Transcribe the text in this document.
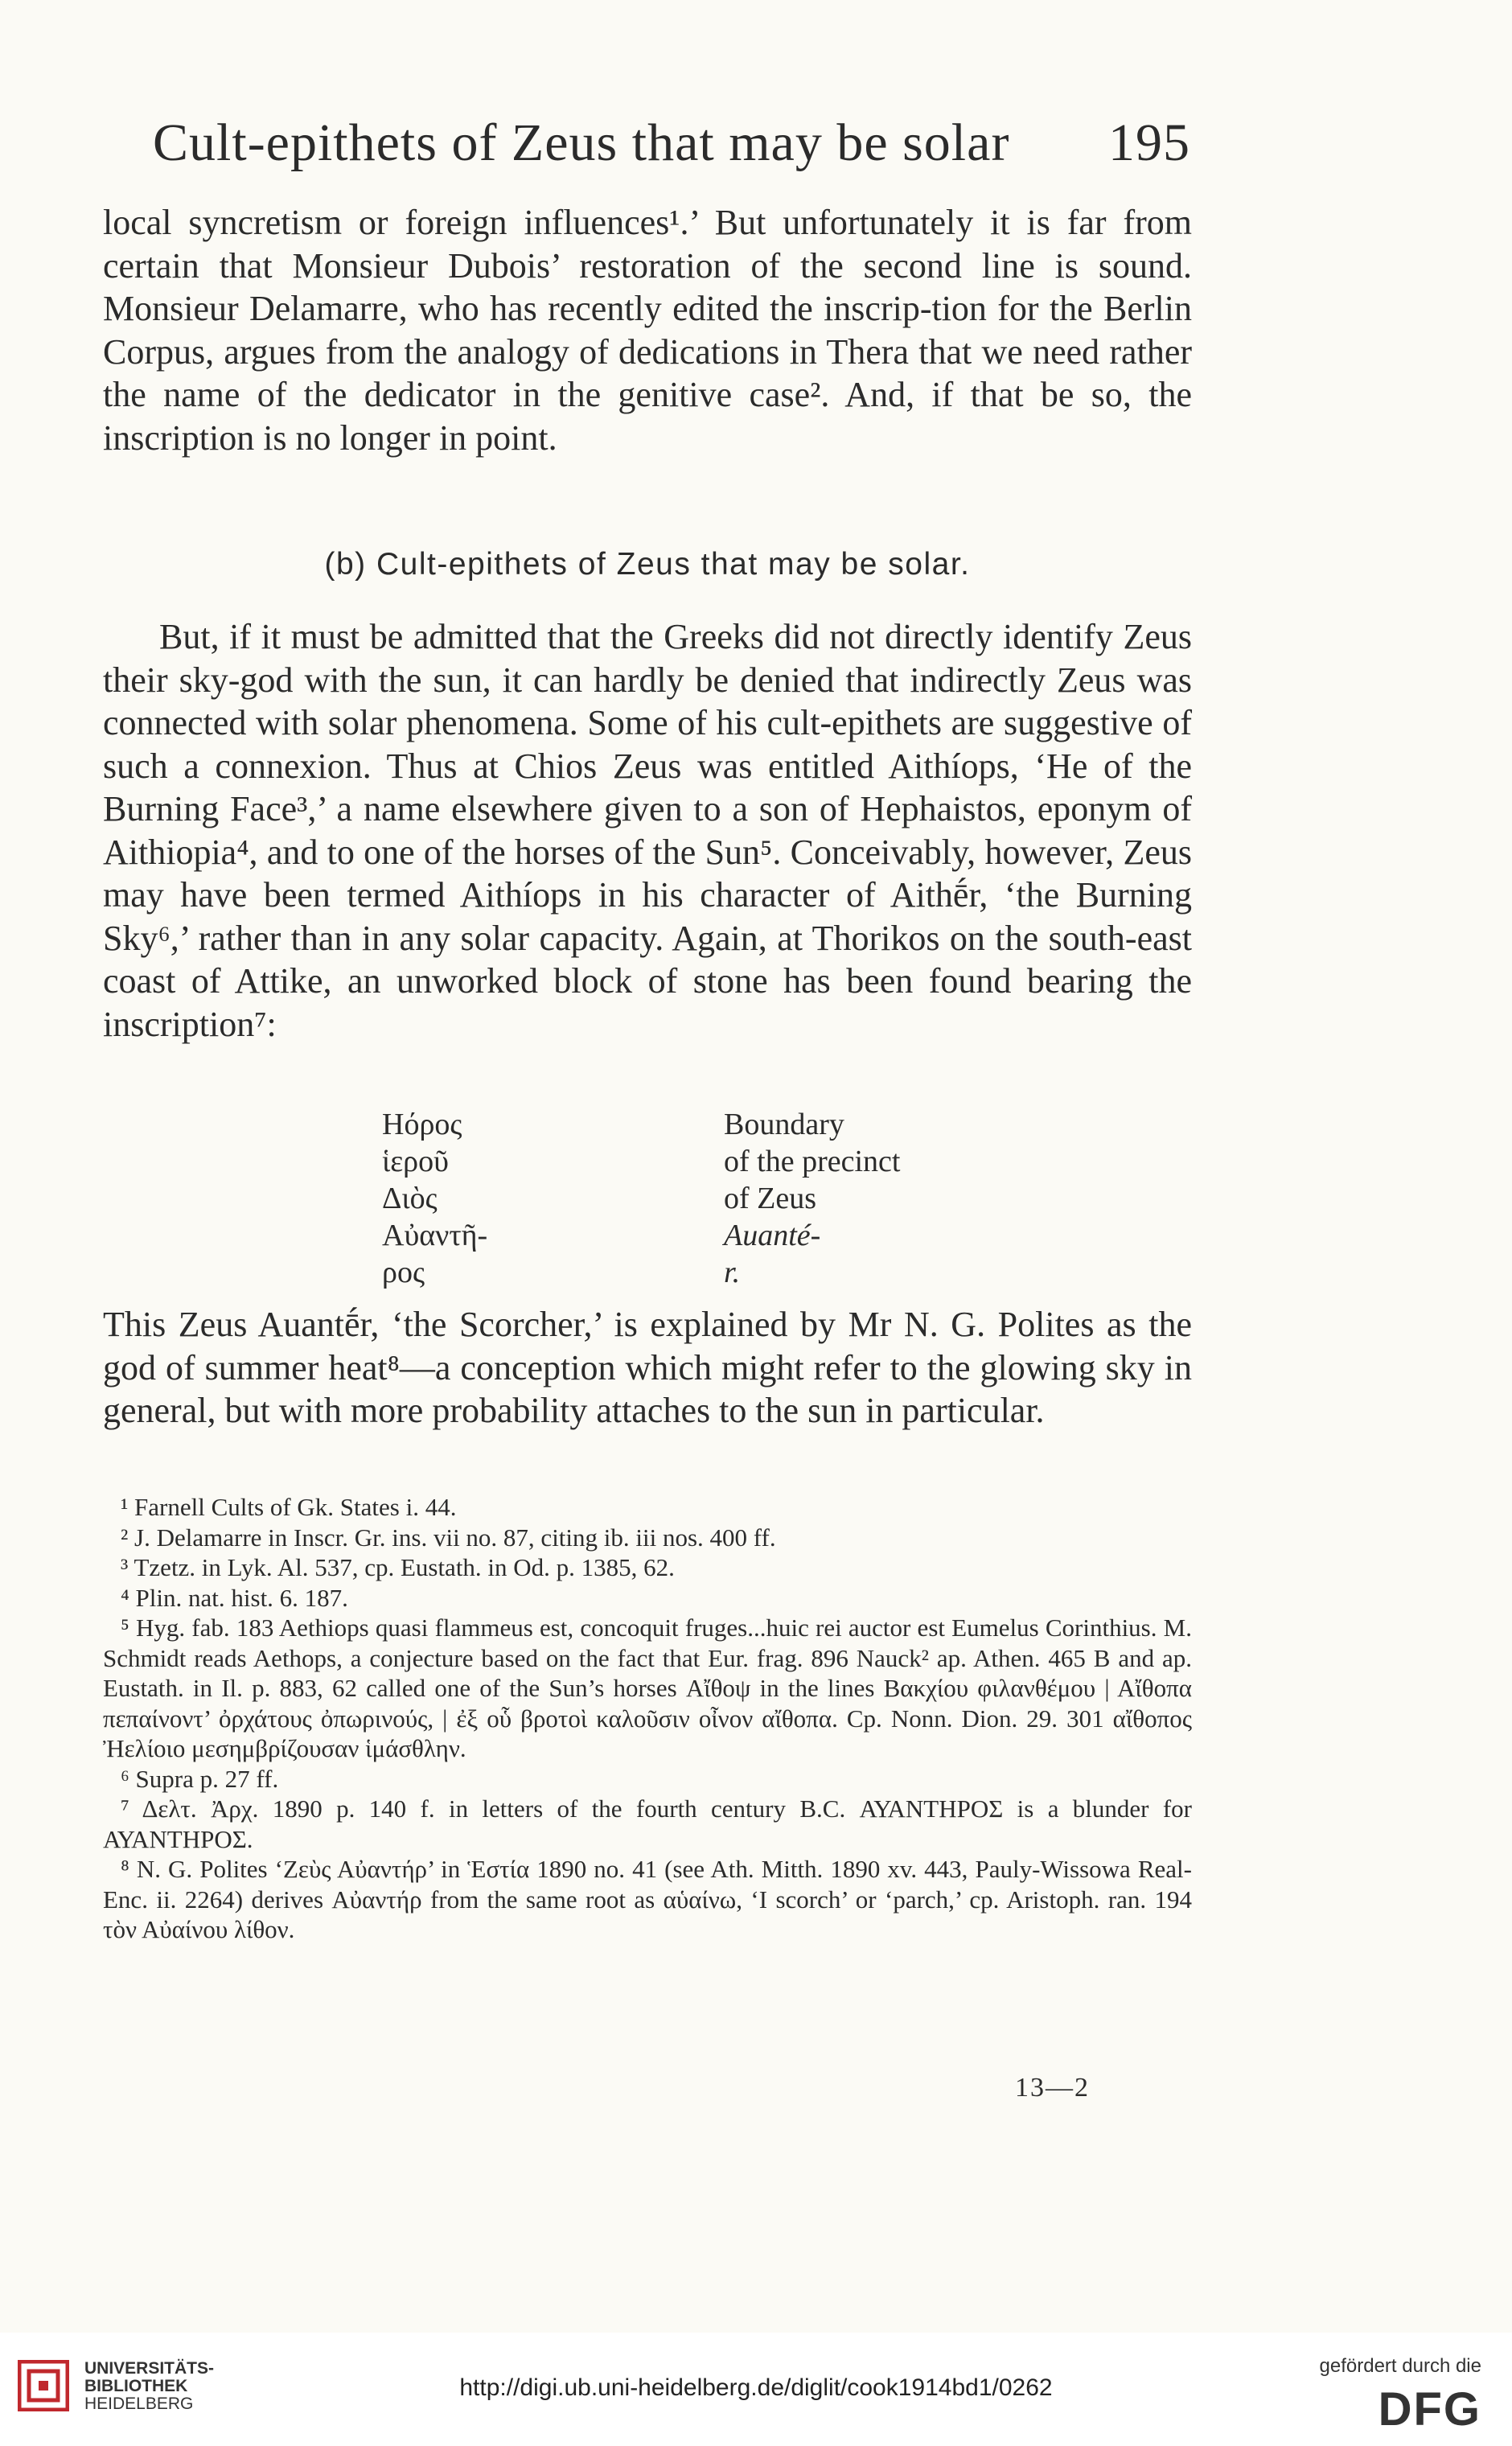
Cult-epithets of Zeus that may be solar 195

local syncretism or foreign influences¹.’ But unfortunately it is far from certain that Monsieur Dubois’ restoration of the second line is sound. Monsieur Delamarre, who has recently edited the inscrip-tion for the Berlin Corpus, argues from the analogy of dedications in Thera that we need rather the name of the dedicator in the genitive case². And, if that be so, the inscription is no longer in point.

(b) Cult-epithets of Zeus that may be solar.

But, if it must be admitted that the Greeks did not directly identify Zeus their sky-god with the sun, it can hardly be denied that indirectly Zeus was connected with solar phenomena. Some of his cult-epithets are suggestive of such a connexion. Thus at Chios Zeus was entitled Aithíops, ‘He of the Burning Face³,’ a name elsewhere given to a son of Hephaistos, eponym of Aithiopia⁴, and to one of the horses of the Sun⁵. Conceivably, however, Zeus may have been termed Aithíops in his character of Aithḗr, ‘the Burning Sky⁶,’ rather than in any solar capacity. Again, at Thorikos on the south-east coast of Attike, an unworked block of stone has been found bearing the inscription⁷:

Hόρος
ἱεροῦ
Διὸς
Αὐαντῆ-
ρος
Boundary
of the precinct
of Zeus
Auanté-
r.

This Zeus Auantḗr, ‘the Scorcher,’ is explained by Mr N. G. Polites as the god of summer heat⁸—a conception which might refer to the glowing sky in general, but with more probability attaches to the sun in particular.

¹ Farnell Cults of Gk. States i. 44.

² J. Delamarre in Inscr. Gr. ins. vii no. 87, citing ib. iii nos. 400 ff.

³ Tzetz. in Lyk. Al. 537, cp. Eustath. in Od. p. 1385, 62.

⁴ Plin. nat. hist. 6. 187.

⁵ Hyg. fab. 183 Aethiops quasi flammeus est, concoquit fruges...huic rei auctor est Eumelus Corinthius. M. Schmidt reads Aethops, a conjecture based on the fact that Eur. frag. 896 Nauck² ap. Athen. 465 B and ap. Eustath. in Il. p. 883, 62 called one of the Sun’s horses Αἴθοψ in the lines Βακχίου φιλανθέμου | Αἴθοπα πεπαίνοντ’ ὀρχάτους ὀπωρινούς, | ἐξ οὗ βροτοὶ καλοῦσιν οἶνον αἴθοπα. Cp. Nonn. Dion. 29. 301 αἴθοπος Ἠελίοιο μεσημβρίζουσαν ἱμάσθλην.

⁶ Supra p. 27 ff.

⁷ Δελτ. Ἀρχ. 1890 p. 140 f. in letters of the fourth century B.C. ΑΥΑΝΤΗΡΟΣ is a blunder for ΑΥΑΝΤΗΡΟΣ.

⁸ N. G. Polites ‘Ζεὺς Αὐαντήρ’ in Ἑστία 1890 no. 41 (see Ath. Mitth. 1890 xv. 443, Pauly-Wissowa Real-Enc. ii. 2264) derives Αὐαντήρ from the same root as αὑαίνω, ‘I scorch’ or ‘parch,’ cp. Aristoph. ran. 194 τὸν Αὐαίνου λίθον.

13—2
UNIVERSITÄTS-
BIBLIOTHEK
HEIDELBERG
http://digi.ub.uni-heidelberg.de/diglit/cook1914bd1/0262
gefördert durch die
DFG
